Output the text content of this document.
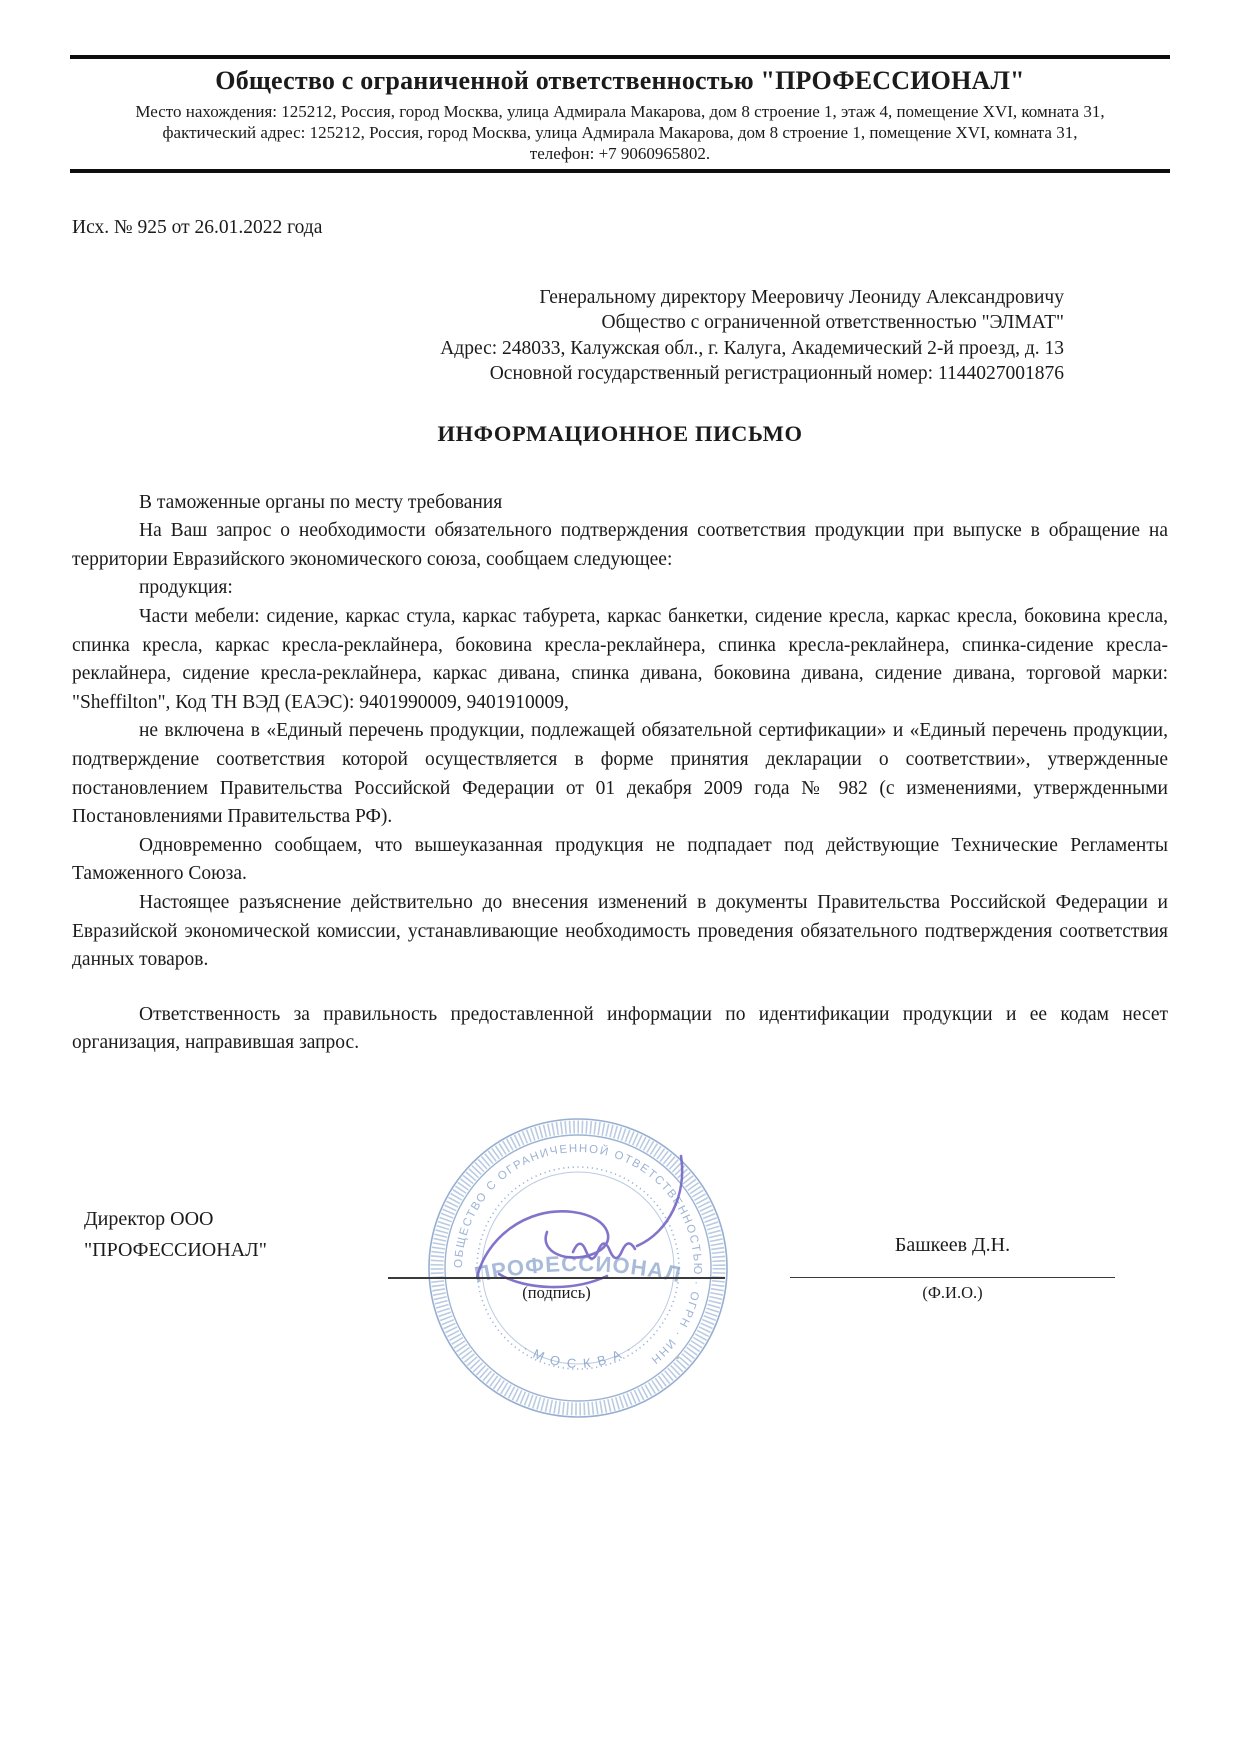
Общество с ограниченной ответственностью "ПРОФЕССИОНАЛ"
Место нахождения: 125212, Россия, город Москва, улица Адмирала Макарова, дом 8 строение 1, этаж 4, помещение XVI, комната 31,
фактический адрес: 125212, Россия, город Москва, улица Адмирала Макарова, дом 8 строение 1, помещение XVI, комната 31,
телефон: +7 9060965802.
Исх. № 925 от 26.01.2022 года
Генеральному директору Мееровичу Леониду Александровичу
Общество с ограниченной ответственностью "ЭЛМАТ"
Адрес: 248033, Калужская обл., г. Калуга, Академический 2-й проезд, д. 13
Основной государственный регистрационный номер: 1144027001876
ИНФОРМАЦИОННОЕ ПИСЬМО

В таможенные органы по месту требования

На Ваш запрос о необходимости обязательного подтверждения соответствия продукции при выпуске в обращение на территории Евразийского экономического союза, сообщаем следующее:

продукция:

Части мебели: сидение, каркас стула, каркас табурета, каркас банкетки, сидение кресла, каркас кресла, боковина кресла, спинка кресла, каркас кресла-реклайнера, боковина кресла-реклайнера, спинка кресла-реклайнера, спинка-сидение кресла-реклайнера, сидение кресла-реклайнера, каркас дивана, спинка дивана, боковина дивана, сидение дивана, торговой марки: "Sheffilton", Код ТН ВЭД (ЕАЭС): 9401990009, 9401910009,

не включена в «Единый перечень продукции, подлежащей обязательной сертификации» и «Единый перечень продукции, подтверждение соответствия которой осуществляется в форме принятия декларации о соответствии», утвержденные постановлением Правительства Российской Федерации от 01 декабря 2009 года № 982 (с изменениями, утвержденными Постановлениями Правительства РФ).

Одновременно сообщаем, что вышеуказанная продукция не подпадает под действующие Технические Регламенты Таможенного Союза.

Настоящее разъяснение действительно до внесения изменений в документы Правительства Российской Федерации и Евразийской экономической комиссии, устанавливающие необходимость проведения обязательного подтверждения соответствия данных товаров.

Ответственность за правильность предоставленной информации по идентификации продукции и ее кодам несет организация, направившая запрос.

Директор ООО
"ПРОФЕССИОНАЛ"
ОБЩЕСТВО С ОГРАНИЧЕННОЙ ОТВЕТСТВЕННОСТЬЮ · ОГРН · ИНН
ПРОФЕССИОНАЛ
· М О С К В А ·
(подпись)
Башкеев Д.Н.
(Ф.И.О.)
